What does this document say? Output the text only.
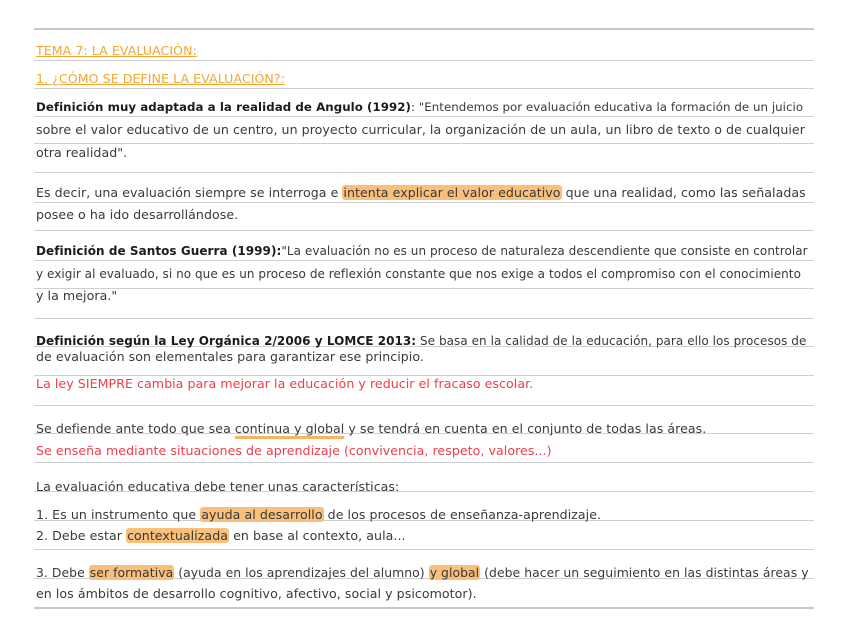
TEMA 7: LA EVALUACIÓN:
1. ¿CÓMO SE DEFINE LA EVALUACIÓN?:
Definición muy adaptada a la realidad de Angulo (1992): "Entendemos por evaluación educativa la formación de un juicio
sobre el valor educativo de un centro, un proyecto curricular, la organización de un aula, un libro de texto o de cualquier
otra realidad".
Es decir, una evaluación siempre se interroga e intenta explicar el valor educativo que una realidad, como las señaladas
posee o ha ido desarrollándose.
Definición de Santos Guerra (1999):"La evaluación no es un proceso de naturaleza descendiente que consiste en controlar
y exigir al evaluado, si no que es un proceso de reflexión constante que nos exige a todos el compromiso con el conocimiento
y la mejora."
Definición según la Ley Orgánica 2/2006 y LOMCE 2013: Se basa en la calidad de la educación, para ello los procesos de
de evaluación son elementales para garantizar ese principio.
La ley SIEMPRE cambia para mejorar la educación y reducir el fracaso escolar.
Se defiende ante todo que sea continua y global y se tendrá en cuenta en el conjunto de todas las áreas.
Se enseña mediante situaciones de aprendizaje (convivencia, respeto, valores...)
La evaluación educativa debe tener unas características:
1. Es un instrumento que ayuda al desarrollo de los procesos de enseñanza-aprendizaje.
2. Debe estar contextualizada en base al contexto, aula...
3. Debe ser formativa (ayuda en los aprendizajes del alumno) y global (debe hacer un seguimiento en las distintas áreas y
en los ámbitos de desarrollo cognitivo, afectivo, social y psicomotor).
